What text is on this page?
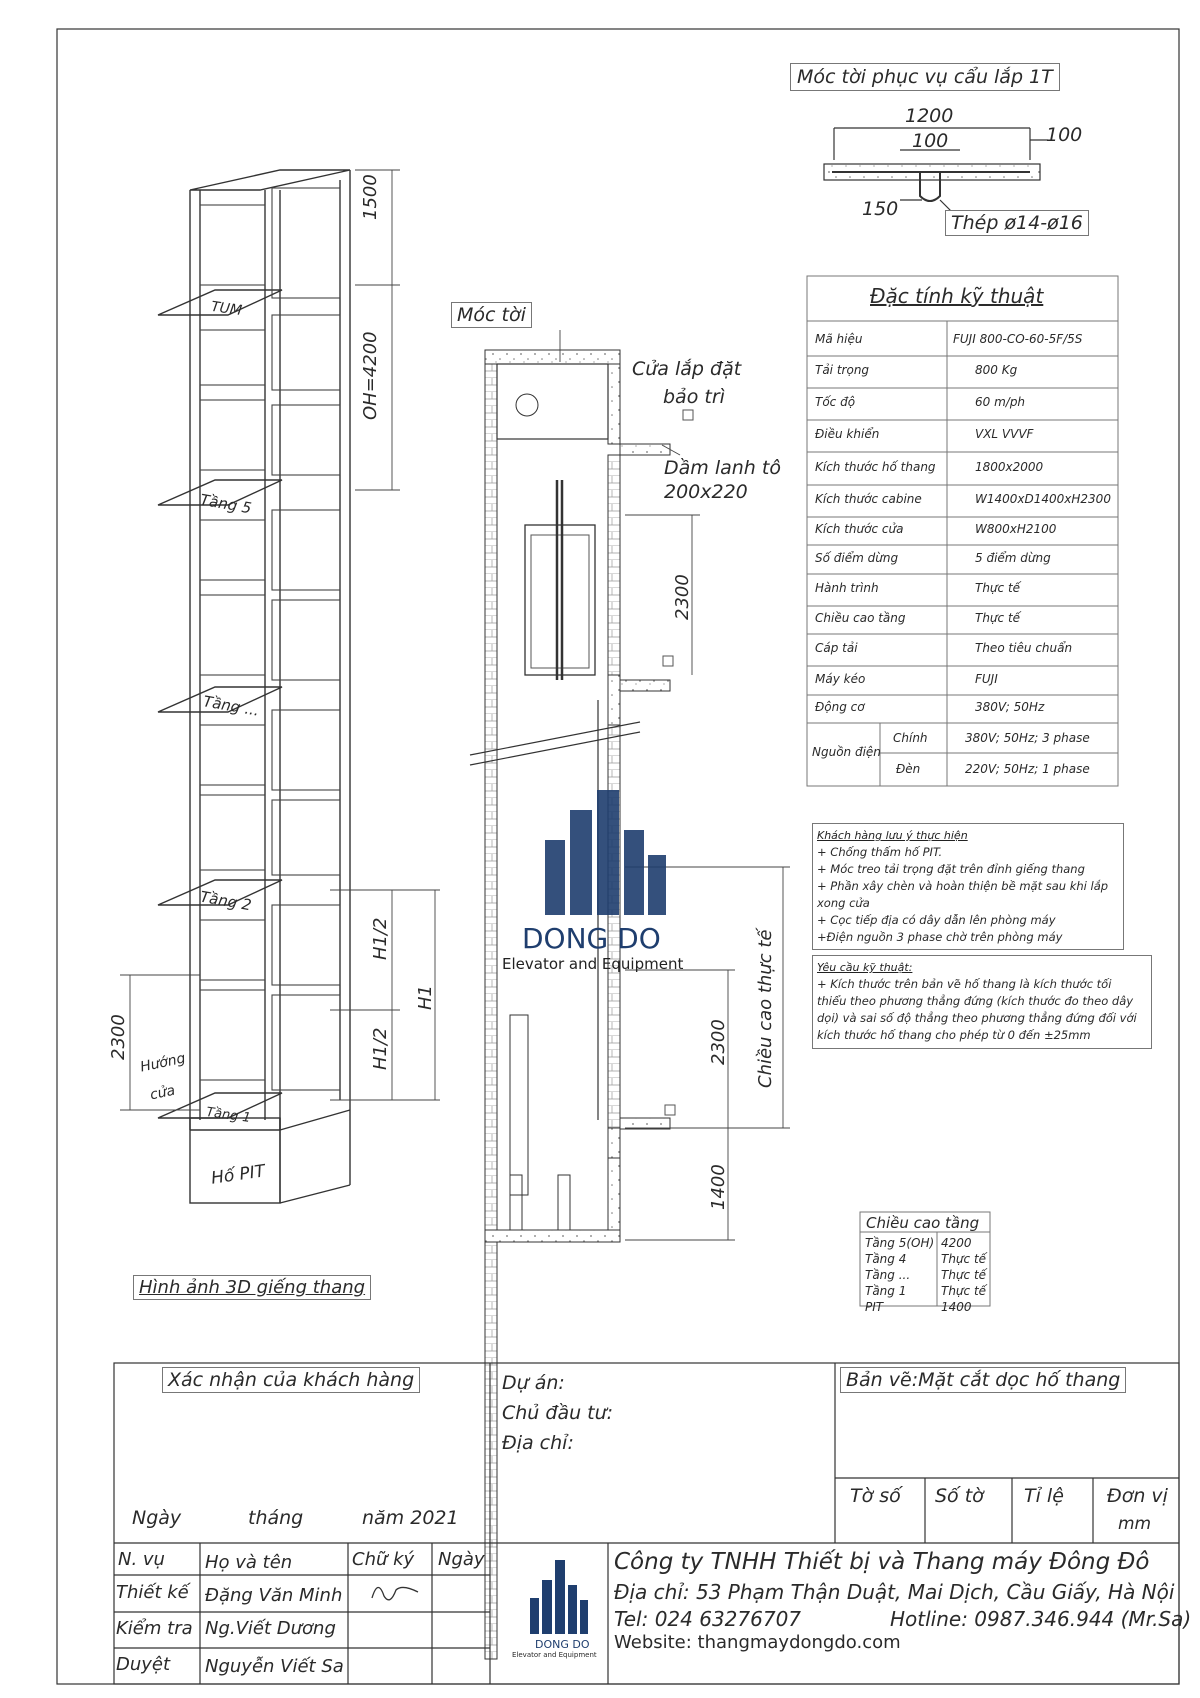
Móc tời phục vụ cẩu lắp 1T
1200
100	100
150
Thép ø14-ø16
Đặc tính kỹ thuật
Mã hiệu	FUJI 800-CO-60-5F/5S
Tải trọng	800 Kg
Tốc độ	60 m/ph
Điều khiển	VXL VVVF
Kích thước hố thang	1800x2000
Kích thước cabine	W1400xD1400xH2300
Kích thước cửa	W800xH2100
Số điểm dừng	5 điểm dừng
Hành trình	Thực tế
Chiều cao tầng	Thực tế
Cáp tải	Theo tiêu chuẩn
Máy kéo	FUJI
Động cơ	380V; 50Hz
Nguồn điện
Chính	380V; 50Hz; 3 phase
Đèn	220V; 50Hz; 1 phase
Khách hàng lưu ý thực hiện
+ Chống thấm hố PIT.
+ Móc treo tải trọng đặt trên đỉnh giếng thang
+ Phần xây chèn và hoàn thiện bề mặt sau khi lắp
xong cửa
+ Cọc tiếp địa có dây dẫn lên phòng máy
+Điện nguồn 3 phase chờ trên phòng máy
Yêu cầu kỹ thuật:
+ Kích thước trên bản vẽ hố thang là kích thước tối
thiểu theo phương thẳng đứng (kích thước đo theo dây
dọi) và sai số độ thẳng theo phương thẳng đứng đối với
kích thước hố thang cho phép từ 0 đến ±25mm
Chiều cao tầng
Tầng 5(OH) 4200
Tầng 4	Thực tế
Tầng ...	Thực tế
Tầng 1	Thực tế
PIT	1400
TUM
Tầng 5
Tầng ...
Tầng 2
Tầng 1
Hố PIT
Hướng
cửa
1500
OH=4200
H1/2
H1/2
H1
2300
Hình ảnh 3D giếng thang
Móc tời
Cửa lắp đặt
bảo trì
Dầm lanh tô
200x220
2300
2300
1400
Chiều cao thực tế
DONG DO
Elevator and Equipment
Xác nhận của khách hàng
Ngày	tháng	năm 2021
Dự án:
Chủ đầu tư:
Địa chỉ:
Bản vẽ:Mặt cắt dọc hố thang
Tờ số Số tờ Tỉ lệ Đơn vị
mm
N. vụ Họ và tên	Chữ ký Ngày
Thiết kế Đặng Văn Minh
Kiểm tra Ng.Viết Dương
Duyệt Nguyễn Viết Sa
DONG DO
Elevator and Equipment
Công ty TNHH Thiết bị và Thang máy Đông Đô
Địa chỉ: 53 Phạm Thận Duật, Mai Dịch, Cầu Giấy, Hà Nội
Tel: 024 63276707	Hotline: 0987.346.944 (Mr.Sa)
Website: thangmaydongdo.com
